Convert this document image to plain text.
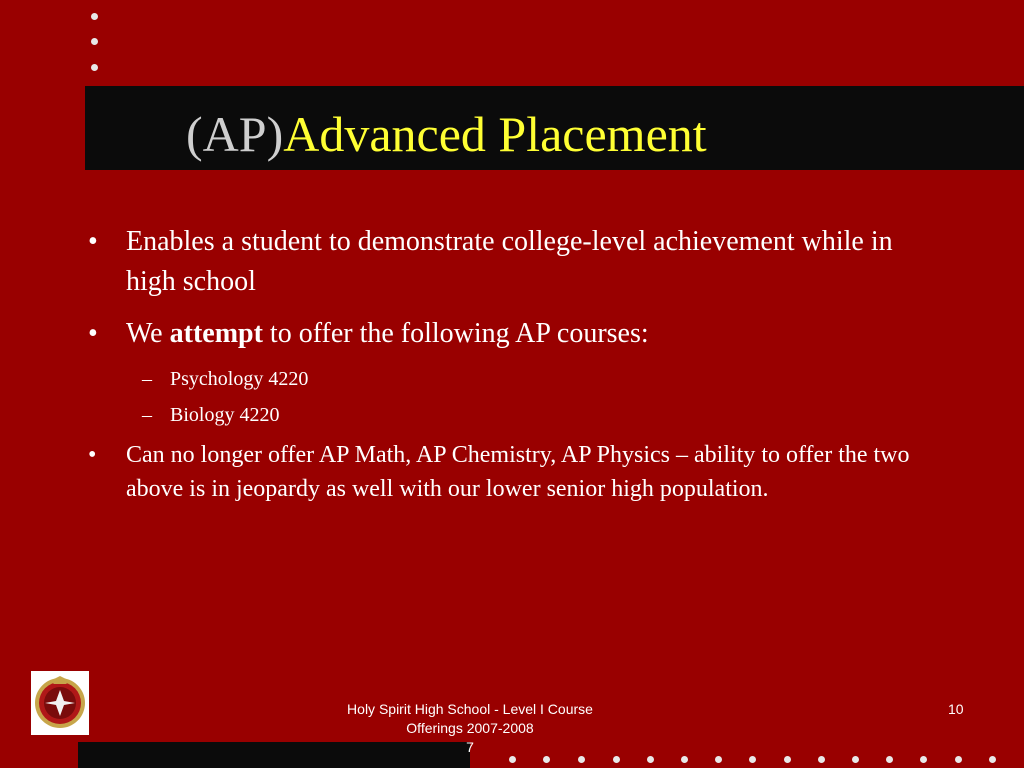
(AP)Advanced Placement
• Enables a student to demonstrate college-level achievement while in high school
• We attempt to offer the following AP courses:
– Psychology 4220
– Biology 4220
• Can no longer offer AP Math, AP Chemistry, AP Physics – ability to offer the two above is in jeopardy as well with our lower senior high population.
Holy Spirit High School - Level I Course
Offerings 2007-2008
7
10
